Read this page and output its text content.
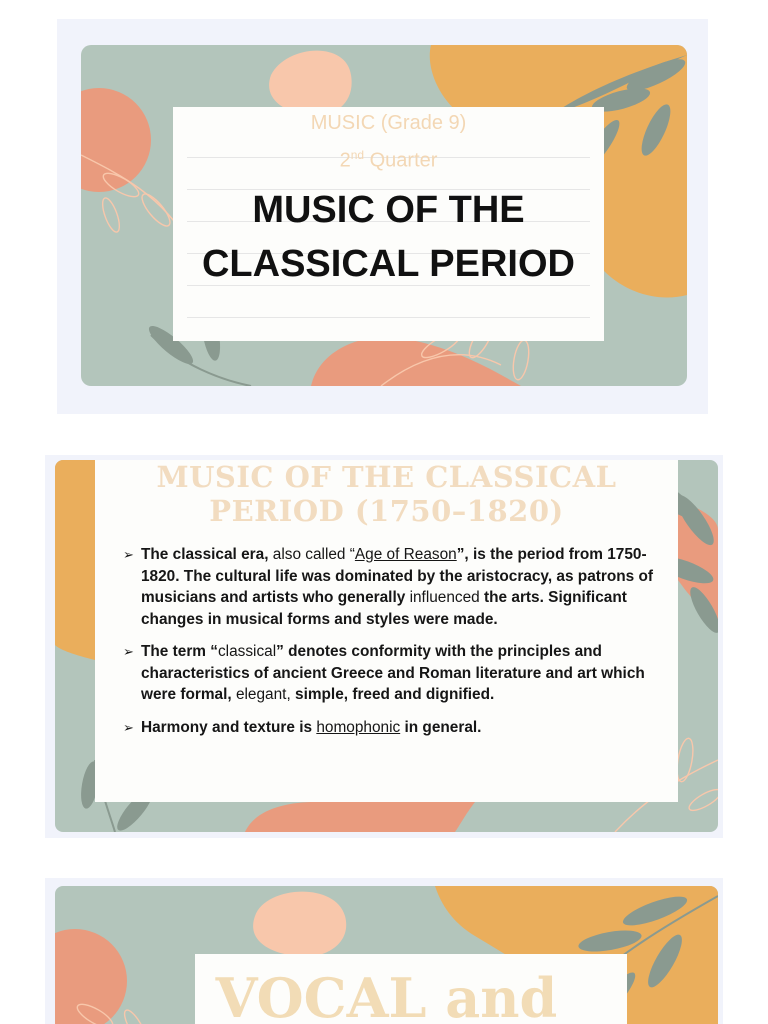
MUSIC (Grade 9)
2nd Quarter
MUSIC OF THE
CLASSICAL PERIOD
MUSIC OF THE CLASSICAL
PERIOD (1750–1820)
➢ The classical era, also called “Age of Reason”, is the period from 1750-1820. The cultural life was dominated by the aristocracy, as patrons of musicians and artists who generally influenced the arts. Significant changes in musical forms and styles were made.
➢ The term “classical” denotes conformity with the principles and characteristics of ancient Greece and Roman literature and art which were formal, elegant, simple, freed and dignified.
➢ Harmony and texture is homophonic in general.
VOCAL and
